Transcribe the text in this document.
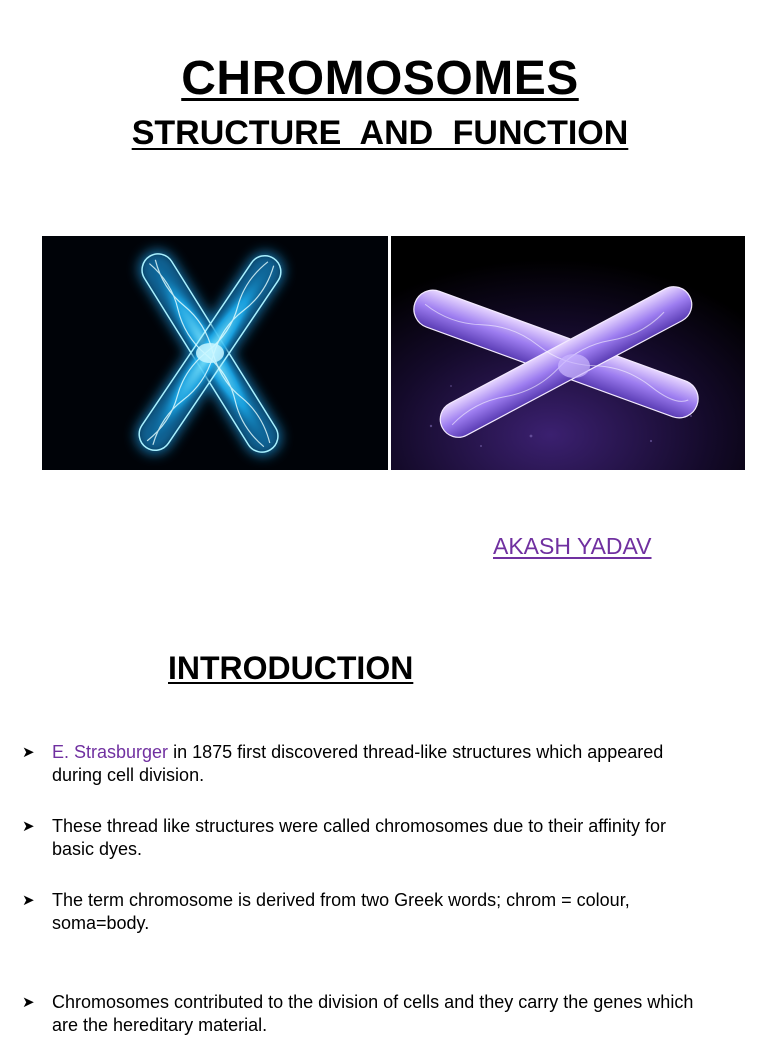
CHROMOSOMES
STRUCTURE AND FUNCTION
AKASH YADAV
INTRODUCTION
➤ E. Strasburger in 1875 first discovered thread-like structures which appeared during cell division.
➤ These thread like structures were called chromosomes due to their affinity for basic dyes.
➤ The term chromosome is derived from two Greek words; chrom = colour, soma=body.
➤ Chromosomes contributed to the division of cells and they carry the genes which are the hereditary material.
